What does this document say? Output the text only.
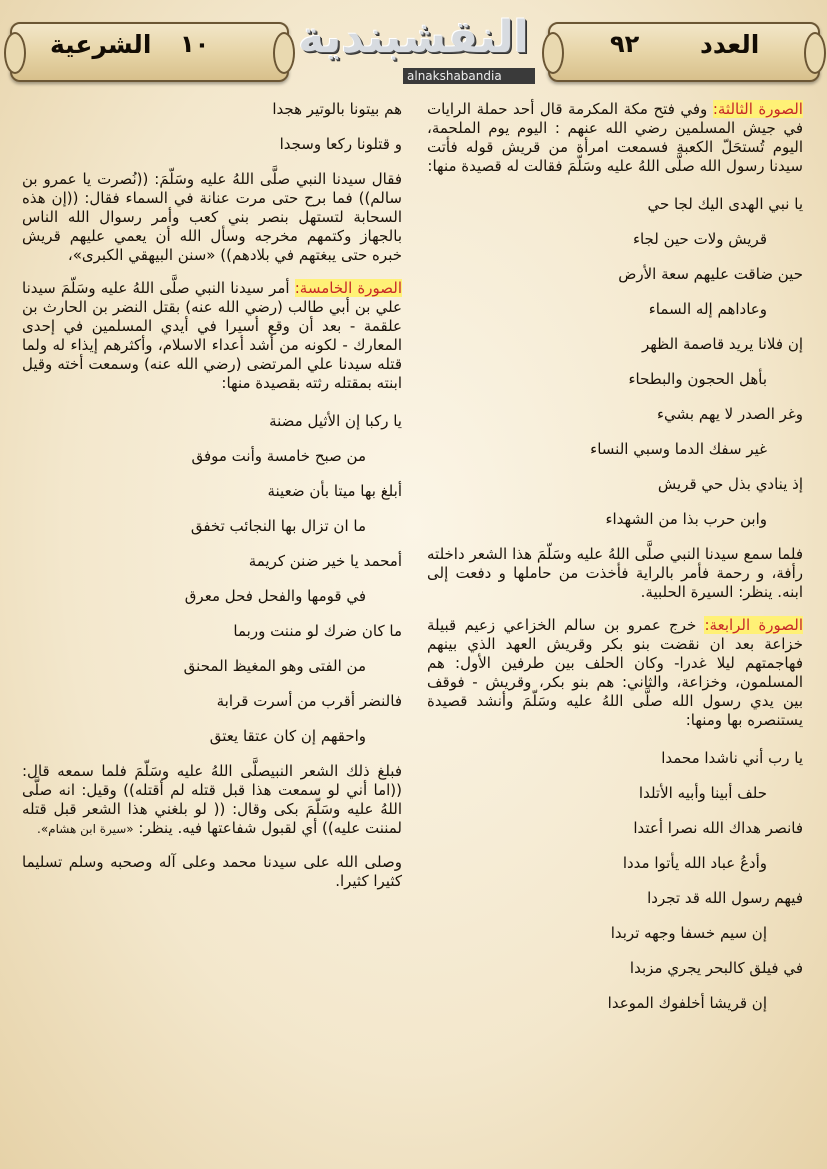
الشرعية ١٠	٩٢ العدد
النقشبندية
alnakshabandia

الصورة الثالثة: وفي فتح مكة المكرمة قال أحد حملة الرايات في جيش المسلمين رضي الله عنهم : اليوم يوم الملحمة، اليوم تُستحَلّ الكعبة فسمعت امرأة من قريش قوله فأتت سيدنا رسول الله صلَّى اللهُ عليه وسَلّمَ فقالت له قصيدة منها:

يا نبي الهدى اليك لجا حي
قريش ولات حين لجاء
حين ضاقت عليهم سعة الأرض
وعاداهم إله السماء
إن فلانا يريد قاصمة الظهر
بأهل الحجون والبطحاء
وغر الصدر لا يهم بشيء
غير سفك الدما وسبي النساء
إذ ينادي بذل حي قريش
وابن حرب بذا من الشهداء

فلما سمع سيدنا النبي صلَّى اللهُ عليه وسَلّمَ هذا الشعر داخلته رأفة، و رحمة فأمر بالراية فأخذت من حاملها و دفعت إلى ابنه. ينظر: السيرة الحلبية.

الصورة الرابعة: خرج عمرو بن سالم الخزاعي زعيم قبيلة خزاعة بعد ان نقضت بنو بكر وقريش العهد الذي بينهم فهاجمتهم ليلا غدرا- وكان الحلف بين طرفين الأول: هم المسلمون، وخزاعة، والثاني: هم بنو بكر، وقريش - فوقف بين يدي رسول الله صلَّى اللهُ عليه وسَلّمَ وأنشد قصيدة يستنصره بها ومنها:

يا رب أني ناشدا محمدا
حلف أبينا وأبيه الأتلدا
فانصر هداك الله نصرا أعتدا
وأدعُ عباد الله يأتوا مددا
فيهم رسول الله قد تجردا
إن سيم خسفا وجهه تربدا
في فيلق كالبحر يجري مزبدا
إن قريشا أخلفوك الموعدا
هم بيتونا بالوتير هجدا
و قتلونا ركعا وسجدا

فقال سيدنا النبي صلَّى اللهُ عليه وسَلّمَ: ((نُصرت يا عمرو بن سالم)) فما برح حتى مرت عنانة في السماء فقال: ((إن هذه السحابة لتستهل بنصر بني كعب وأمر رسوال الله الناس بالجهاز وكتمهم مخرجه وسأل الله أن يعمي عليهم قريش خبره حتى يبغتهم في بلادهم)) «سنن البيهقي الكبرى»،

الصورة الخامسة: أمر سيدنا النبي صلَّى اللهُ عليه وسَلّمَ سيدنا علي بن أبي طالب (رضي الله عنه) بقتل النضر بن الحارث بن علقمة - بعد أن وقع أسيرا في أيدي المسلمين في إحدى المعارك - لكونه من أشد أعداء الاسلام، وأكثرهم إيذاء له ولما قتله سيدنا علي المرتضى (رضي الله عنه) وسمعت أخته وقيل ابنته بمقتله رثته بقصيدة منها:

يا ركبا إن الأثيل مضنة
من صبح خامسة وأنت موفق
أبلغ بها ميتا بأن ضعينة
ما ان تزال بها النجائب تخفق
أمحمد يا خير ضنن كريمة
في قومها والفحل فحل معرق
ما كان ضرك لو مننت وربما
من الفتى وهو المغيظ المحنق
فالنضر أقرب من أسرت قرابة
واحقهم إن كان عتقا يعتق

فبلغ ذلك الشعر النبيصلَّى اللهُ عليه وسَلّمَ فلما سمعه قال: ((اما أني لو سمعت هذا قبل قتله لم أقتله)) وقيل: انه صلَّى اللهُ عليه وسَلّمَ بكى وقال: (( لو بلغني هذا الشعر قبل قتله لمننت عليه)) أي لقبول شفاعتها فيه. ينظر: «سيرة ابن هشام».

وصلى الله على سيدنا محمد وعلى آله وصحبه وسلم تسليما كثيرا كثيرا.
